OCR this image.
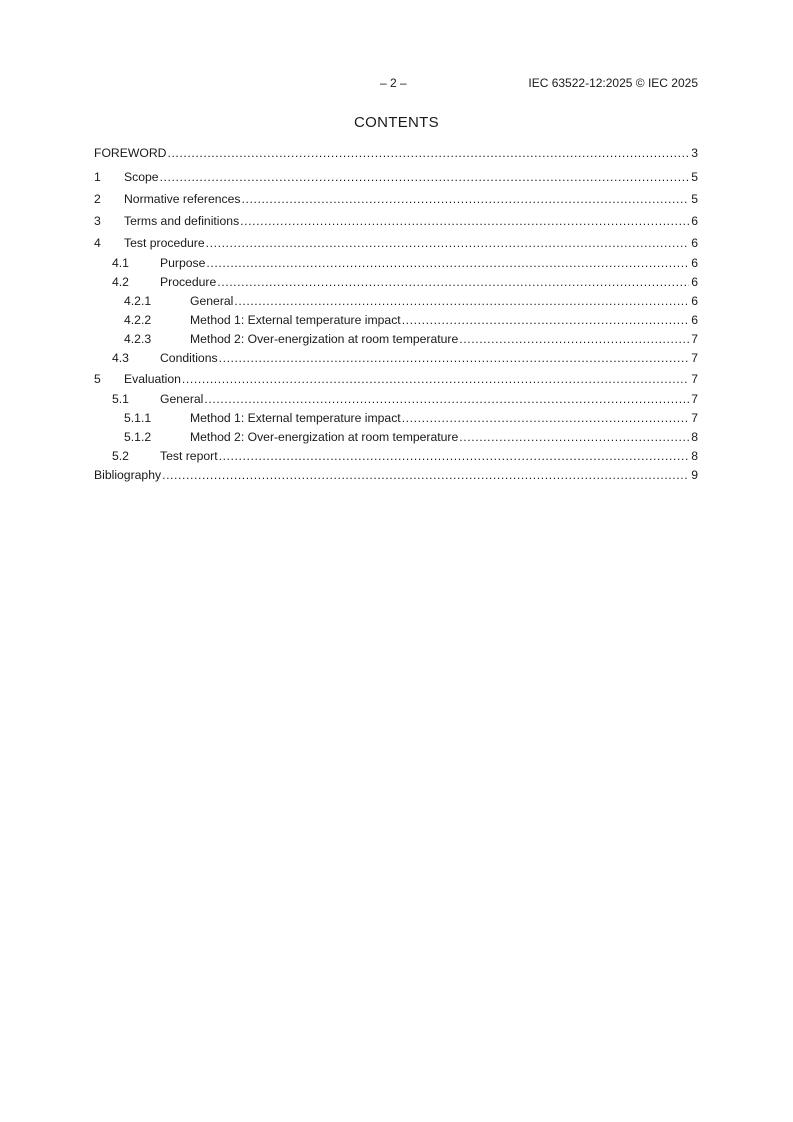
– 2 –	IEC 63522-12:2025 © IEC 2025
CONTENTS
FOREWORD .....	3
1	Scope .....	5
2	Normative references .....	5
3	Terms and definitions .....	6
4	Test procedure .....	6
4.1	Purpose .....	6
4.2	Procedure .....	6
4.2.1	General .....	6
4.2.2	Method 1: External temperature impact .....	6
4.2.3	Method 2: Over-energization at room temperature .....	7
4.3	Conditions .....	7
5	Evaluation .....	7
5.1	General .....	7
5.1.1	Method 1: External temperature impact .....	7
5.1.2	Method 2: Over-energization at room temperature .....	8
5.2	Test report .....	8
Bibliography .....	9
